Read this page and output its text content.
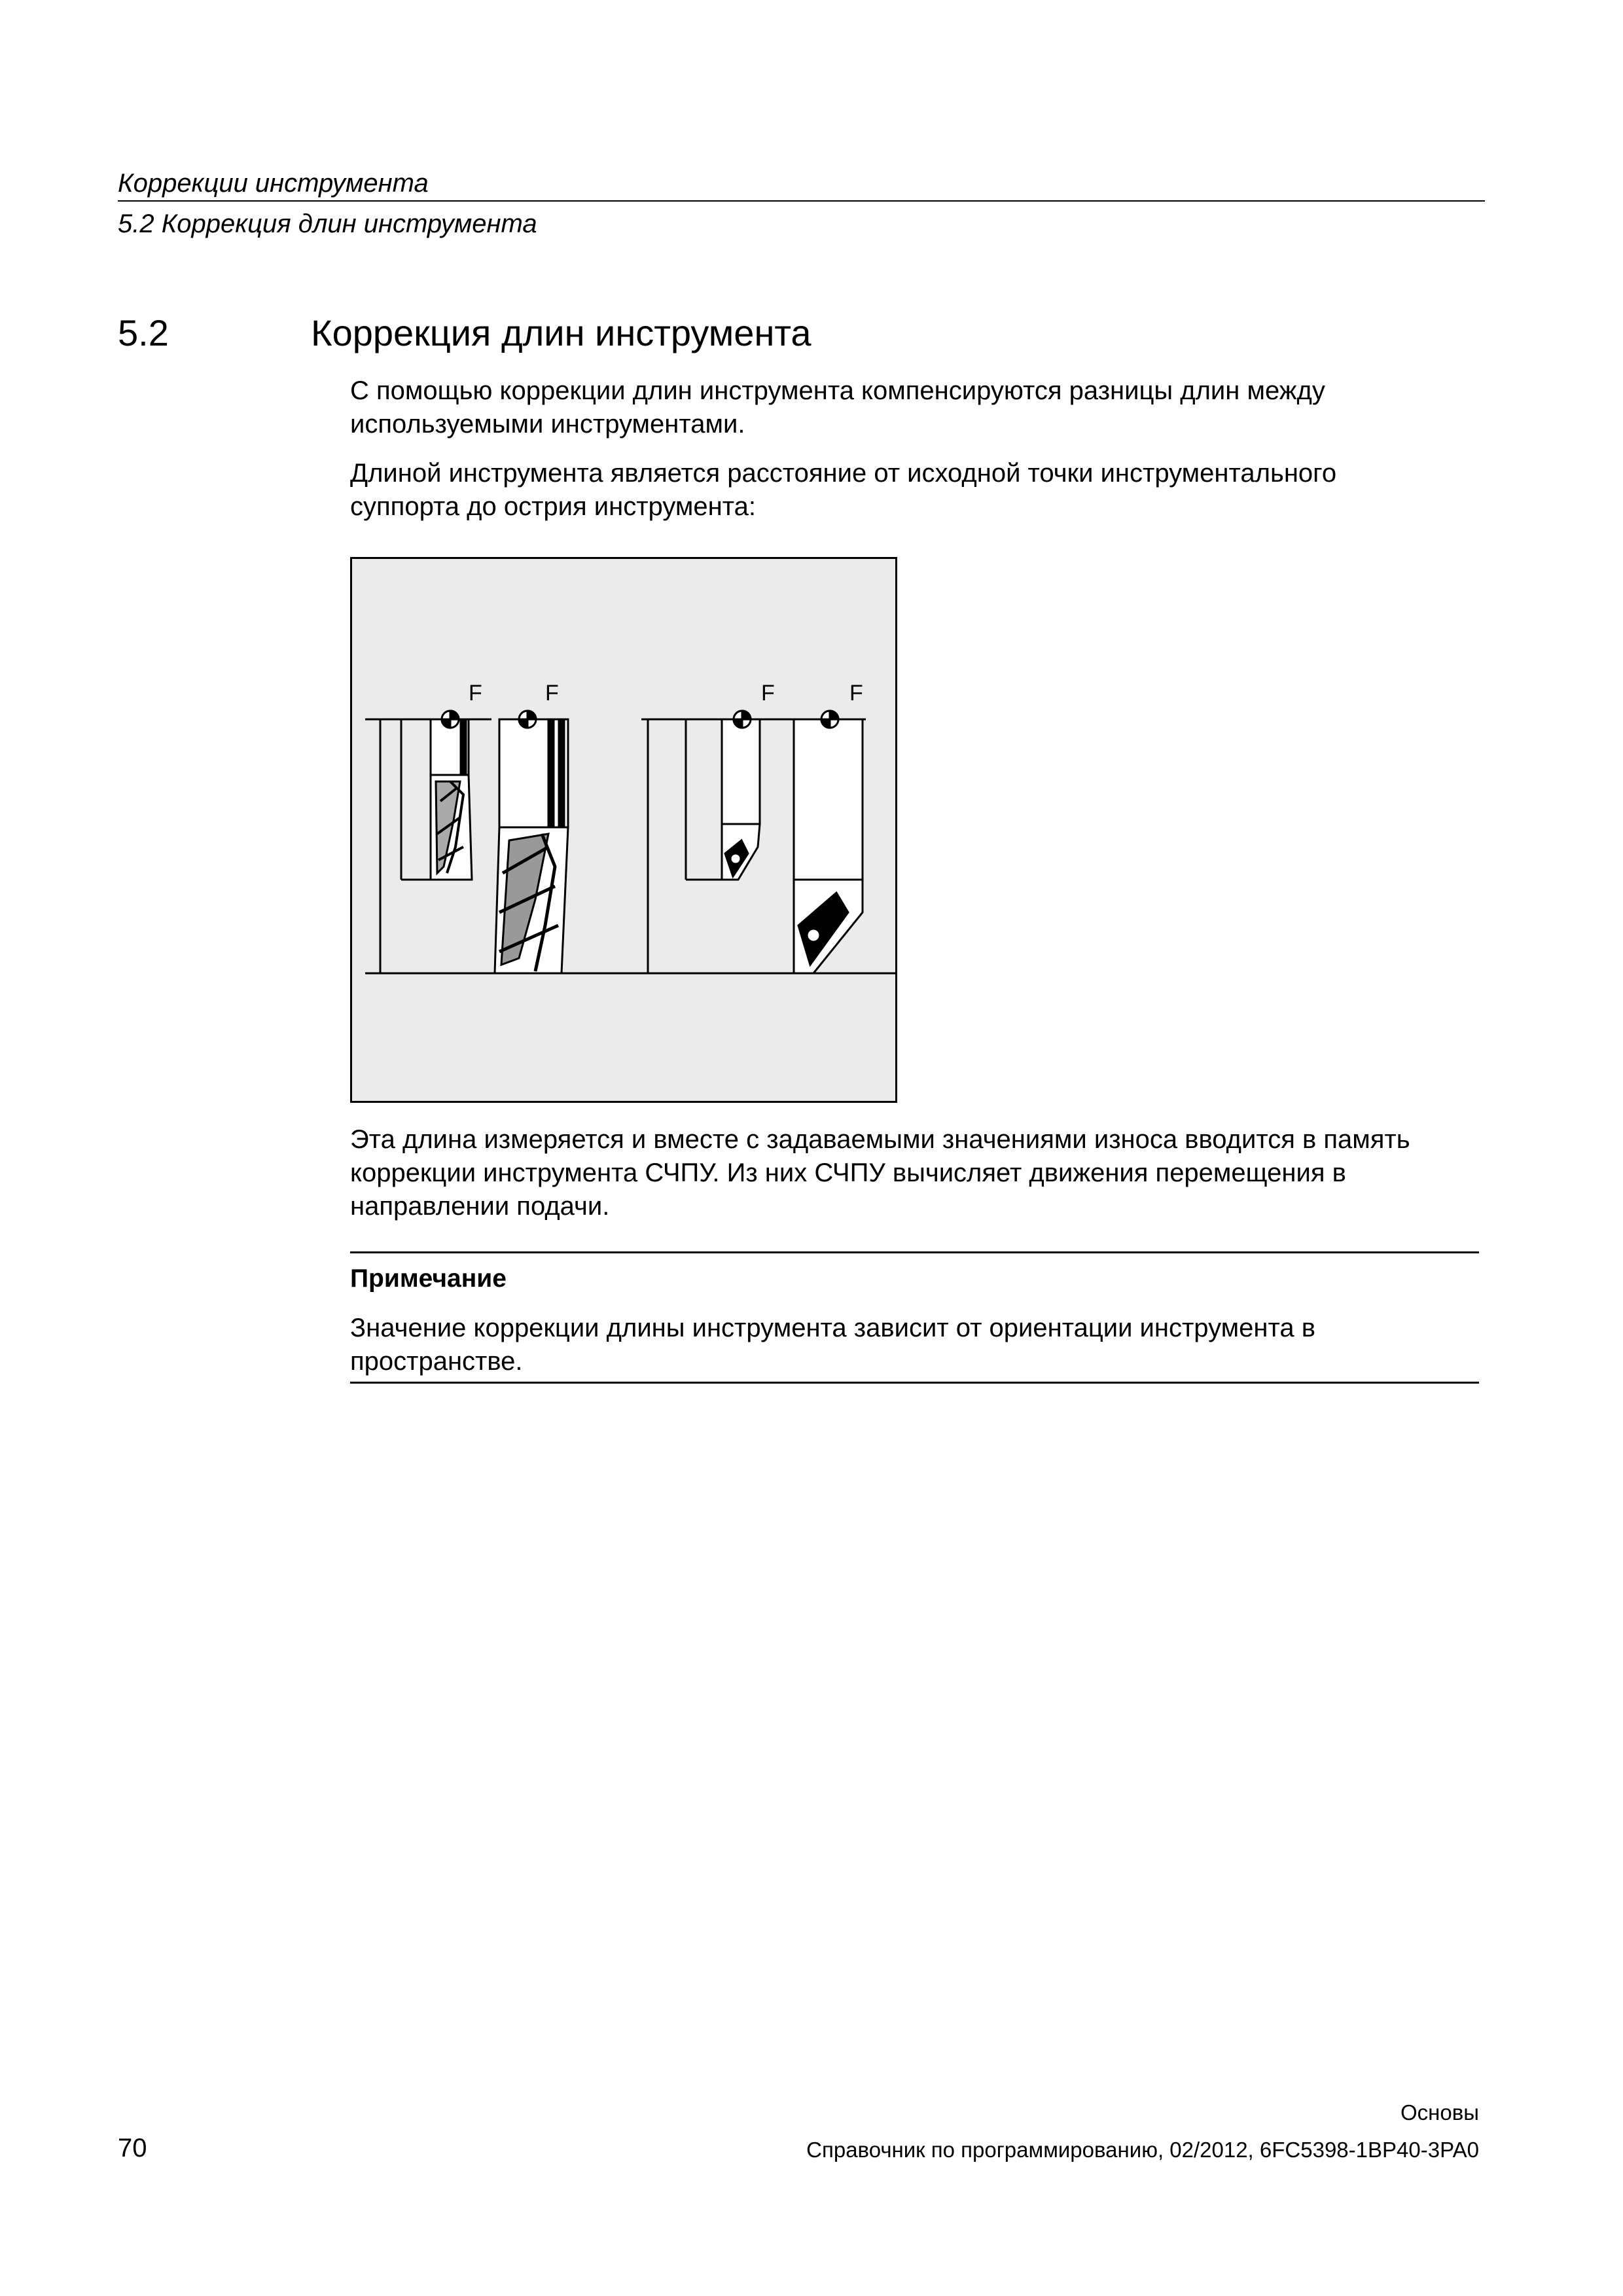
Коррекции инструмента
5.2 Коррекция длин инструмента
5.2	Коррекция длин инструмента
С помощью коррекции длин инструмента компенсируются разницы длин между
используемыми инструментами.
Длиной инструмента является расстояние от исходной точки инструментального
суппорта до острия инструмента:
F	F	F	F
Эта длина измеряется и вместе с задаваемыми значениями износа вводится в память
коррекции инструмента СЧПУ. Из них СЧПУ вычисляет движения перемещения в
направлении подачи.
Примечание
Значение коррекции длины инструмента зависит от ориентации инструмента в
пространстве.
Основы
70	Справочник по программированию, 02/2012, 6FC5398-1BP40-3PA0
